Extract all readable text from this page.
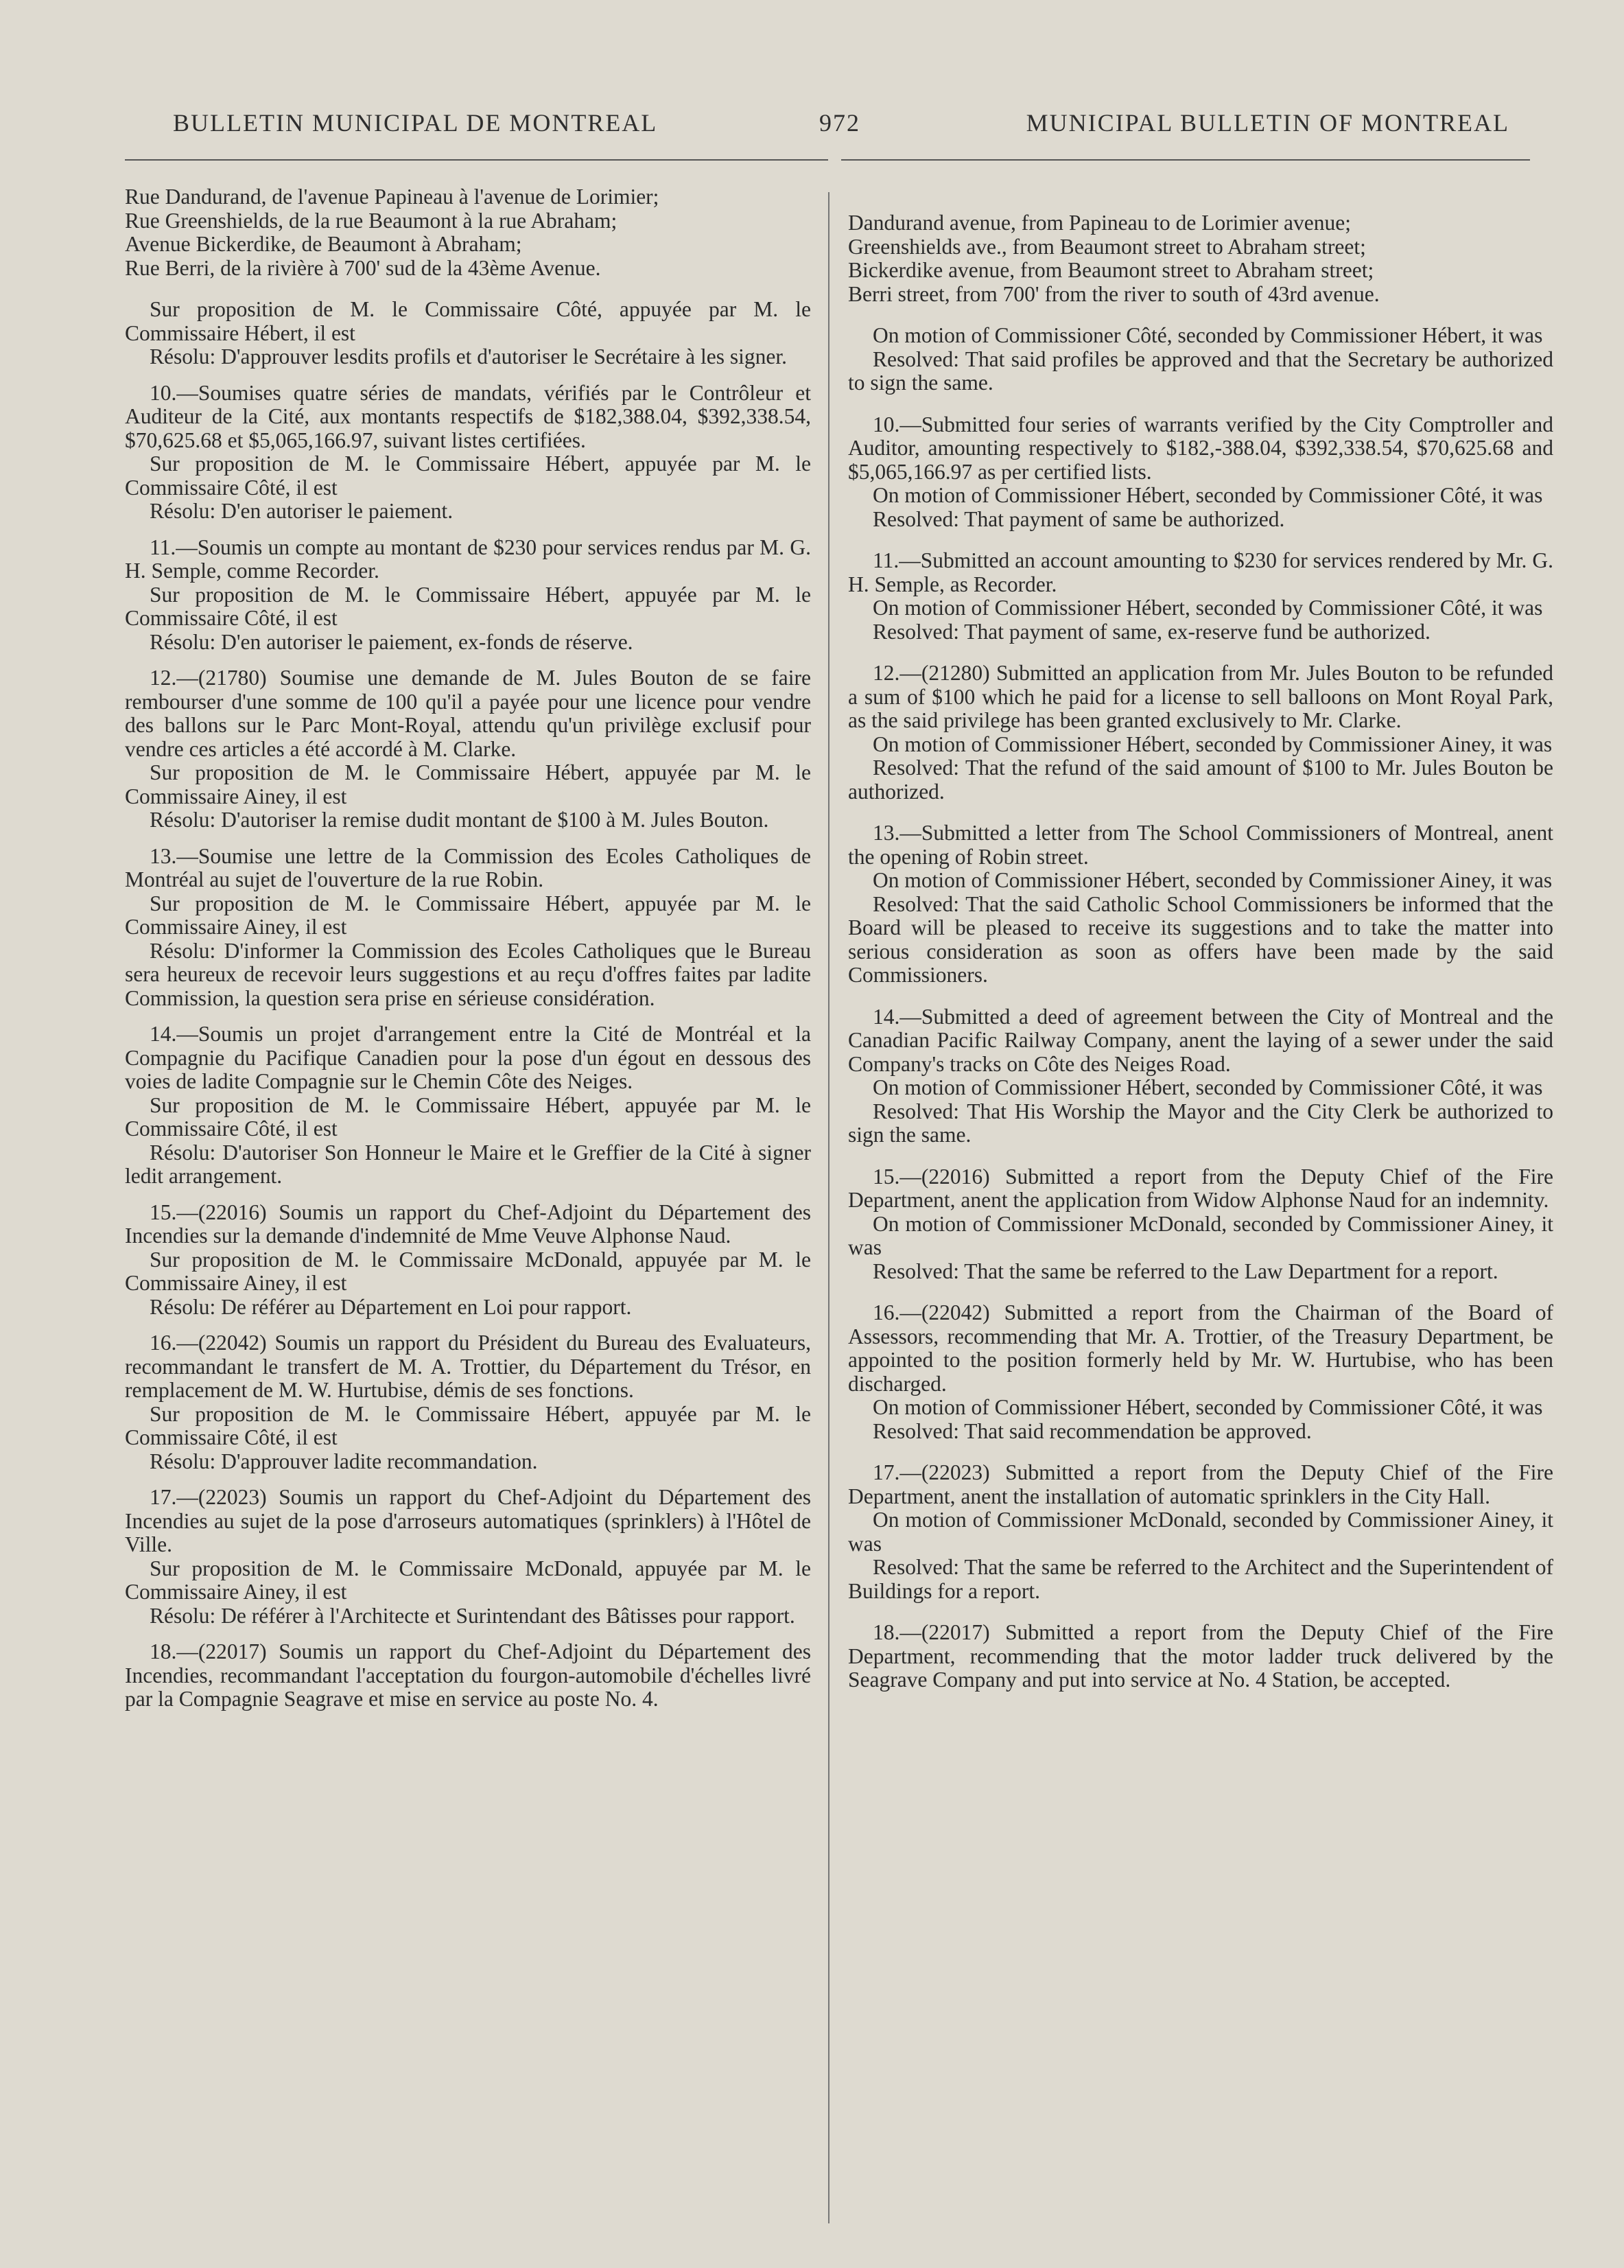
BULLETIN MUNICIPAL DE MONTREAL	972	MUNICIPAL BULLETIN OF MONTREAL

Rue Dandurand, de l'avenue Papineau à l'avenue de Lorimier;

Rue Greenshields, de la rue Beaumont à la rue Abraham;

Avenue Bickerdike, de Beaumont à Abraham;

Rue Berri, de la rivière à 700' sud de la 43ème Avenue.

Sur proposition de M. le Commissaire Côté, appuyée par M. le Commissaire Hébert, il est

Résolu: D'approuver lesdits profils et d'autoriser le Secrétaire à les signer.

10.—Soumises quatre séries de mandats, vérifiés par le Contrôleur et Auditeur de la Cité, aux montants respectifs de $182,388.04, $392,338.54, $70,625.68 et $5,065,166.97, suivant listes certifiées.

Sur proposition de M. le Commissaire Hébert, appuyée par M. le Commissaire Côté, il est

Résolu: D'en autoriser le paiement.

11.—Soumis un compte au montant de $230 pour services rendus par M. G. H. Semple, comme Recorder.

Sur proposition de M. le Commissaire Hébert, appuyée par M. le Commissaire Côté, il est

Résolu: D'en autoriser le paiement, ex-fonds de réserve.

12.—(21780) Soumise une demande de M. Jules Bouton de se faire rembourser d'une somme de 100 qu'il a payée pour une licence pour vendre des ballons sur le Parc Mont-Royal, attendu qu'un privilège exclusif pour vendre ces articles a été accordé à M. Clarke.

Sur proposition de M. le Commissaire Hébert, appuyée par M. le Commissaire Ainey, il est

Résolu: D'autoriser la remise dudit montant de $100 à M. Jules Bouton.

13.—Soumise une lettre de la Commission des Ecoles Catholiques de Montréal au sujet de l'ouverture de la rue Robin.

Sur proposition de M. le Commissaire Hébert, appuyée par M. le Commissaire Ainey, il est

Résolu: D'informer la Commission des Ecoles Catholiques que le Bureau sera heureux de recevoir leurs suggestions et au reçu d'offres faites par ladite Commission, la question sera prise en sérieuse considération.

14.—Soumis un projet d'arrangement entre la Cité de Montréal et la Compagnie du Pacifique Canadien pour la pose d'un égout en dessous des voies de ladite Compagnie sur le Chemin Côte des Neiges.

Sur proposition de M. le Commissaire Hébert, appuyée par M. le Commissaire Côté, il est

Résolu: D'autoriser Son Honneur le Maire et le Greffier de la Cité à signer ledit arrangement.

15.—(22016) Soumis un rapport du Chef-Adjoint du Département des Incendies sur la demande d'indemnité de Mme Veuve Alphonse Naud.

Sur proposition de M. le Commissaire McDonald, appuyée par M. le Commissaire Ainey, il est

Résolu: De référer au Département en Loi pour rapport.

16.—(22042) Soumis un rapport du Président du Bureau des Evaluateurs, recommandant le transfert de M. A. Trottier, du Département du Trésor, en remplacement de M. W. Hurtubise, démis de ses fonctions.

Sur proposition de M. le Commissaire Hébert, appuyée par M. le Commissaire Côté, il est

Résolu: D'approuver ladite recommandation.

17.—(22023) Soumis un rapport du Chef-Adjoint du Département des Incendies au sujet de la pose d'arroseurs automatiques (sprinklers) à l'Hôtel de Ville.

Sur proposition de M. le Commissaire McDonald, appuyée par M. le Commissaire Ainey, il est

Résolu: De référer à l'Architecte et Surintendant des Bâtisses pour rapport.

18.—(22017) Soumis un rapport du Chef-Adjoint du Département des Incendies, recommandant l'acceptation du fourgon-automobile d'échelles livré par la Compagnie Seagrave et mise en service au poste No. 4.

Dandurand avenue, from Papineau to de Lorimier avenue;

Greenshields ave., from Beaumont street to Abraham street;

Bickerdike avenue, from Beaumont street to Abraham street;

Berri street, from 700' from the river to south of 43rd avenue.

On motion of Commissioner Côté, seconded by Commissioner Hébert, it was

Resolved: That said profiles be approved and that the Secretary be authorized to sign the same.

10.—Submitted four series of warrants verified by the City Comptroller and Auditor, amounting respectively to $182,-388.04, $392,338.54, $70,625.68 and $5,065,166.97 as per certified lists.

On motion of Commissioner Hébert, seconded by Commissioner Côté, it was

Resolved: That payment of same be authorized.

11.—Submitted an account amounting to $230 for services rendered by Mr. G. H. Semple, as Recorder.

On motion of Commissioner Hébert, seconded by Commissioner Côté, it was

Resolved: That payment of same, ex-reserve fund be authorized.

12.—(21280) Submitted an application from Mr. Jules Bouton to be refunded a sum of $100 which he paid for a license to sell balloons on Mont Royal Park, as the said privilege has been granted exclusively to Mr. Clarke.

On motion of Commissioner Hébert, seconded by Commissioner Ainey, it was

Resolved: That the refund of the said amount of $100 to Mr. Jules Bouton be authorized.

13.—Submitted a letter from The School Commissioners of Montreal, anent the opening of Robin street.

On motion of Commissioner Hébert, seconded by Commissioner Ainey, it was

Resolved: That the said Catholic School Commissioners be informed that the Board will be pleased to receive its suggestions and to take the matter into serious consideration as soon as offers have been made by the said Commissioners.

14.—Submitted a deed of agreement between the City of Montreal and the Canadian Pacific Railway Company, anent the laying of a sewer under the said Company's tracks on Côte des Neiges Road.

On motion of Commissioner Hébert, seconded by Commissioner Côté, it was

Resolved: That His Worship the Mayor and the City Clerk be authorized to sign the same.

15.—(22016) Submitted a report from the Deputy Chief of the Fire Department, anent the application from Widow Alphonse Naud for an indemnity.

On motion of Commissioner McDonald, seconded by Commissioner Ainey, it was

Resolved: That the same be referred to the Law Department for a report.

16.—(22042) Submitted a report from the Chairman of the Board of Assessors, recommending that Mr. A. Trottier, of the Treasury Department, be appointed to the position formerly held by Mr. W. Hurtubise, who has been discharged.

On motion of Commissioner Hébert, seconded by Commissioner Côté, it was

Resolved: That said recommendation be approved.

17.—(22023) Submitted a report from the Deputy Chief of the Fire Department, anent the installation of automatic sprinklers in the City Hall.

On motion of Commissioner McDonald, seconded by Commissioner Ainey, it was

Resolved: That the same be referred to the Architect and the Superintendent of Buildings for a report.

18.—(22017) Submitted a report from the Deputy Chief of the Fire Department, recommending that the motor ladder truck delivered by the Seagrave Company and put into service at No. 4 Station, be accepted.
